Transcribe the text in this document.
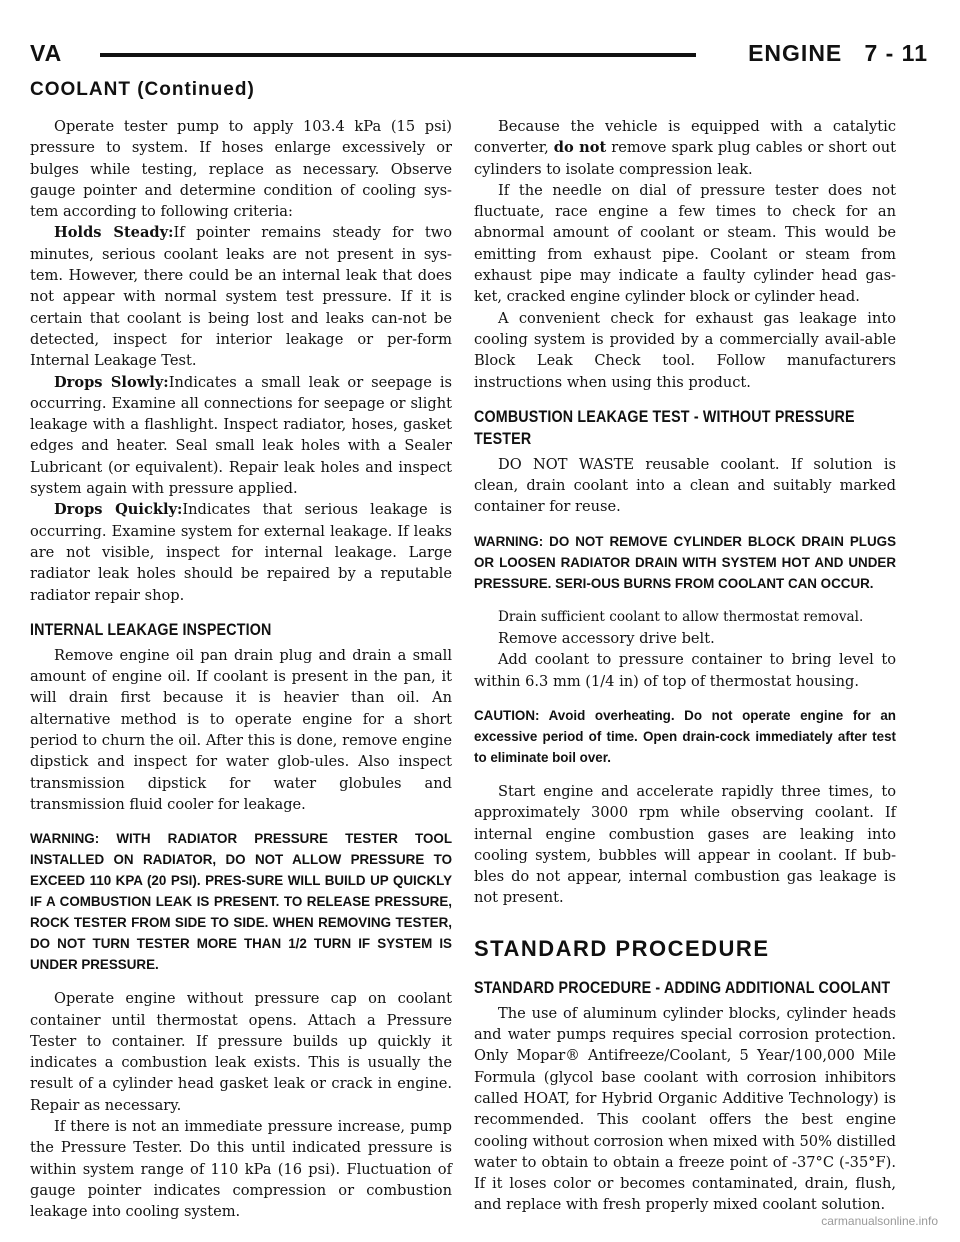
VA	ENGINE   7 - 11
COOLANT (Continued)

Operate tester pump to apply 103.4 kPa (15 psi) pressure to system. If hoses enlarge excessively or bulges while testing, replace as necessary. Observe gauge pointer and determine condition of cooling sys-tem according to following criteria:

Holds Steady:If pointer remains steady for two minutes, serious coolant leaks are not present in sys-tem. However, there could be an internal leak that does not appear with normal system test pressure. If it is certain that coolant is being lost and leaks can-not be detected, inspect for interior leakage or per-form Internal Leakage Test.

Drops Slowly:Indicates a small leak or seepage is occurring. Examine all connections for seepage or slight leakage with a flashlight. Inspect radiator, hoses, gasket edges and heater. Seal small leak holes with a Sealer Lubricant (or equivalent). Repair leak holes and inspect system again with pressure applied.

Drops Quickly:Indicates that serious leakage is occurring. Examine system for external leakage. If leaks are not visible, inspect for internal leakage. Large radiator leak holes should be repaired by a reputable radiator repair shop.

INTERNAL LEAKAGE INSPECTION

Remove engine oil pan drain plug and drain a small amount of engine oil. If coolant is present in the pan, it will drain first because it is heavier than oil. An alternative method is to operate engine for a short period to churn the oil. After this is done, remove engine dipstick and inspect for water glob-ules. Also inspect transmission dipstick for water globules and transmission fluid cooler for leakage.

WARNING: WITH RADIATOR PRESSURE TESTER TOOL INSTALLED ON RADIATOR, DO NOT ALLOW PRESSURE TO EXCEED 110 KPA (20 PSI). PRES-SURE WILL BUILD UP QUICKLY IF A COMBUSTION LEAK IS PRESENT. TO RELEASE PRESSURE, ROCK TESTER FROM SIDE TO SIDE. WHEN REMOVING TESTER, DO NOT TURN TESTER MORE THAN 1/2 TURN IF SYSTEM IS UNDER PRESSURE.

Operate engine without pressure cap on coolant container until thermostat opens. Attach a Pressure Tester to container. If pressure builds up quickly it indicates a combustion leak exists. This is usually the result of a cylinder head gasket leak or crack in engine. Repair as necessary.

If there is not an immediate pressure increase, pump the Pressure Tester. Do this until indicated pressure is within system range of 110 kPa (16 psi). Fluctuation of gauge pointer indicates compression or combustion leakage into cooling system.

Because the vehicle is equipped with a catalytic converter, do not remove spark plug cables or short out cylinders to isolate compression leak.

If the needle on dial of pressure tester does not fluctuate, race engine a few times to check for an abnormal amount of coolant or steam. This would be emitting from exhaust pipe. Coolant or steam from exhaust pipe may indicate a faulty cylinder head gas-ket, cracked engine cylinder block or cylinder head.

A convenient check for exhaust gas leakage into cooling system is provided by a commercially avail-able Block Leak Check tool. Follow manufacturers instructions when using this product.

COMBUSTION LEAKAGE TEST - WITHOUT PRESSURE TESTER

DO NOT WASTE reusable coolant. If solution is clean, drain coolant into a clean and suitably marked container for reuse.

WARNING: DO NOT REMOVE CYLINDER BLOCK DRAIN PLUGS OR LOOSEN RADIATOR DRAIN WITH SYSTEM HOT AND UNDER PRESSURE. SERI-OUS BURNS FROM COOLANT CAN OCCUR.

Drain sufficient coolant to allow thermostat removal.

Remove accessory drive belt.

Add coolant to pressure container to bring level to within 6.3 mm (1/4 in) of top of thermostat housing.

CAUTION: Avoid overheating. Do not operate engine for an excessive period of time. Open drain-cock immediately after test to eliminate boil over.

Start engine and accelerate rapidly three times, to approximately 3000 rpm while observing coolant. If internal engine combustion gases are leaking into cooling system, bubbles will appear in coolant. If bub-bles do not appear, internal combustion gas leakage is not present.

STANDARD PROCEDURE
STANDARD PROCEDURE - ADDING ADDITIONAL COOLANT

The use of aluminum cylinder blocks, cylinder heads and water pumps requires special corrosion protection. Only Mopar® Antifreeze/Coolant, 5 Year/100,000 Mile Formula (glycol base coolant with corrosion inhibitors called HOAT, for Hybrid Organic Additive Technology) is recommended. This coolant offers the best engine cooling without corrosion when mixed with 50% distilled water to obtain to obtain a freeze point of -37°C (-35°F). If it loses color or becomes contaminated, drain, flush, and replace with fresh properly mixed coolant solution.

carmanualsonline.info
